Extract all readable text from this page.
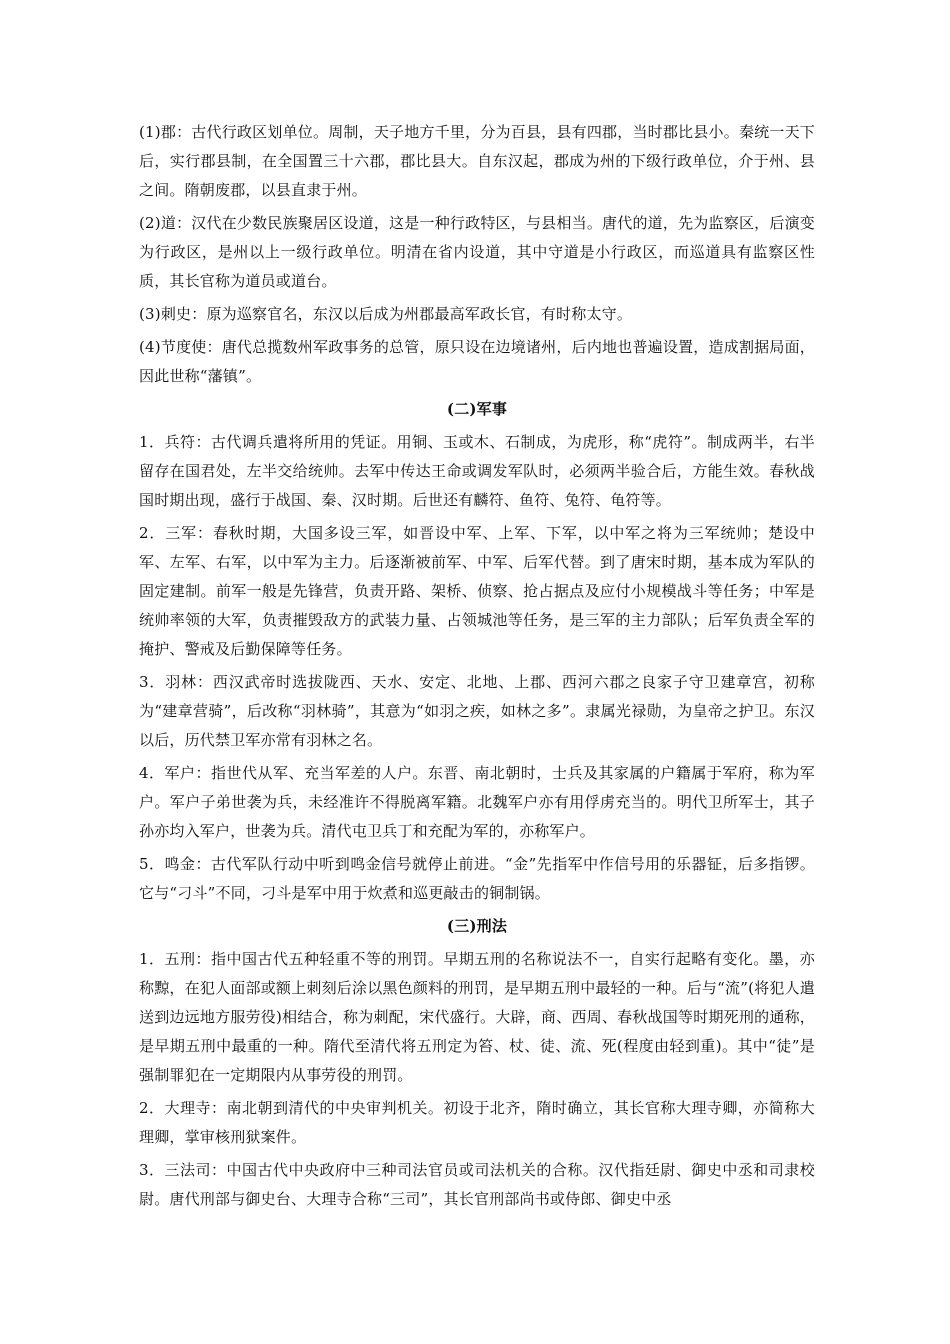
(1)郡：古代行政区划单位。周制，天子地方千里，分为百县，县有四郡，当时郡比县小。秦统一天下后，实行郡县制，在全国置三十六郡，郡比县大。自东汉起，郡成为州的下级行政单位，介于州、县之间。隋朝废郡，以县直隶于州。

(2)道：汉代在少数民族聚居区设道，这是一种行政特区，与县相当。唐代的道，先为监察区，后演变为行政区，是州以上一级行政单位。明清在省内设道，其中守道是小行政区，而巡道具有监察区性质，其长官称为道员或道台。

(3)刺史：原为巡察官名，东汉以后成为州郡最高军政长官，有时称太守。

(4)节度使：唐代总揽数州军政事务的总管，原只设在边境诸州，后内地也普遍设置，造成割据局面，因此世称“藩镇”。

(二)军事

1．兵符：古代调兵遣将所用的凭证。用铜、玉或木、石制成，为虎形，称“虎符”。制成两半，右半留存在国君处，左半交给统帅。去军中传达王命或调发军队时，必须两半验合后，方能生效。春秋战国时期出现，盛行于战国、秦、汉时期。后世还有麟符、鱼符、兔符、龟符等。

2．三军：春秋时期，大国多设三军，如晋设中军、上军、下军，以中军之将为三军统帅；楚设中军、左军、右军，以中军为主力。后逐渐被前军、中军、后军代替。到了唐宋时期，基本成为军队的固定建制。前军一般是先锋营，负责开路、架桥、侦察、抢占据点及应付小规模战斗等任务；中军是统帅率领的大军，负责摧毁敌方的武装力量、占领城池等任务，是三军的主力部队；后军负责全军的掩护、警戒及后勤保障等任务。

3．羽林：西汉武帝时选拔陇西、天水、安定、北地、上郡、西河六郡之良家子守卫建章宫，初称为“建章营骑”，后改称“羽林骑”，其意为“如羽之疾，如林之多”。隶属光禄勋，为皇帝之护卫。东汉以后，历代禁卫军亦常有羽林之名。

4．军户：指世代从军、充当军差的人户。东晋、南北朝时，士兵及其家属的户籍属于军府，称为军户。军户子弟世袭为兵，未经准许不得脱离军籍。北魏军户亦有用俘虏充当的。明代卫所军士，其子孙亦均入军户，世袭为兵。清代屯卫兵丁和充配为军的，亦称军户。

5．鸣金：古代军队行动中听到鸣金信号就停止前进。“金”先指军中作信号用的乐器钲，后多指锣。它与“刁斗”不同，刁斗是军中用于炊煮和巡更敲击的铜制锅。

(三)刑法

1．五刑：指中国古代五种轻重不等的刑罚。早期五刑的名称说法不一，自实行起略有变化。墨，亦称黥，在犯人面部或额上刺刻后涂以黑色颜料的刑罚，是早期五刑中最轻的一种。后与“流”(将犯人遣送到边远地方服劳役)相结合，称为刺配，宋代盛行。大辟，商、西周、春秋战国等时期死刑的通称，是早期五刑中最重的一种。隋代至清代将五刑定为笞、杖、徒、流、死(程度由轻到重)。其中“徒”是强制罪犯在一定期限内从事劳役的刑罚。

2．大理寺：南北朝到清代的中央审判机关。初设于北齐，隋时确立，其长官称大理寺卿，亦简称大理卿，掌审核刑狱案件。

3．三法司：中国古代中央政府中三种司法官员或司法机关的合称。汉代指廷尉、御史中丞和司隶校尉。唐代刑部与御史台、大理寺合称“三司”，其长官刑部尚书或侍郎、御史中丞
